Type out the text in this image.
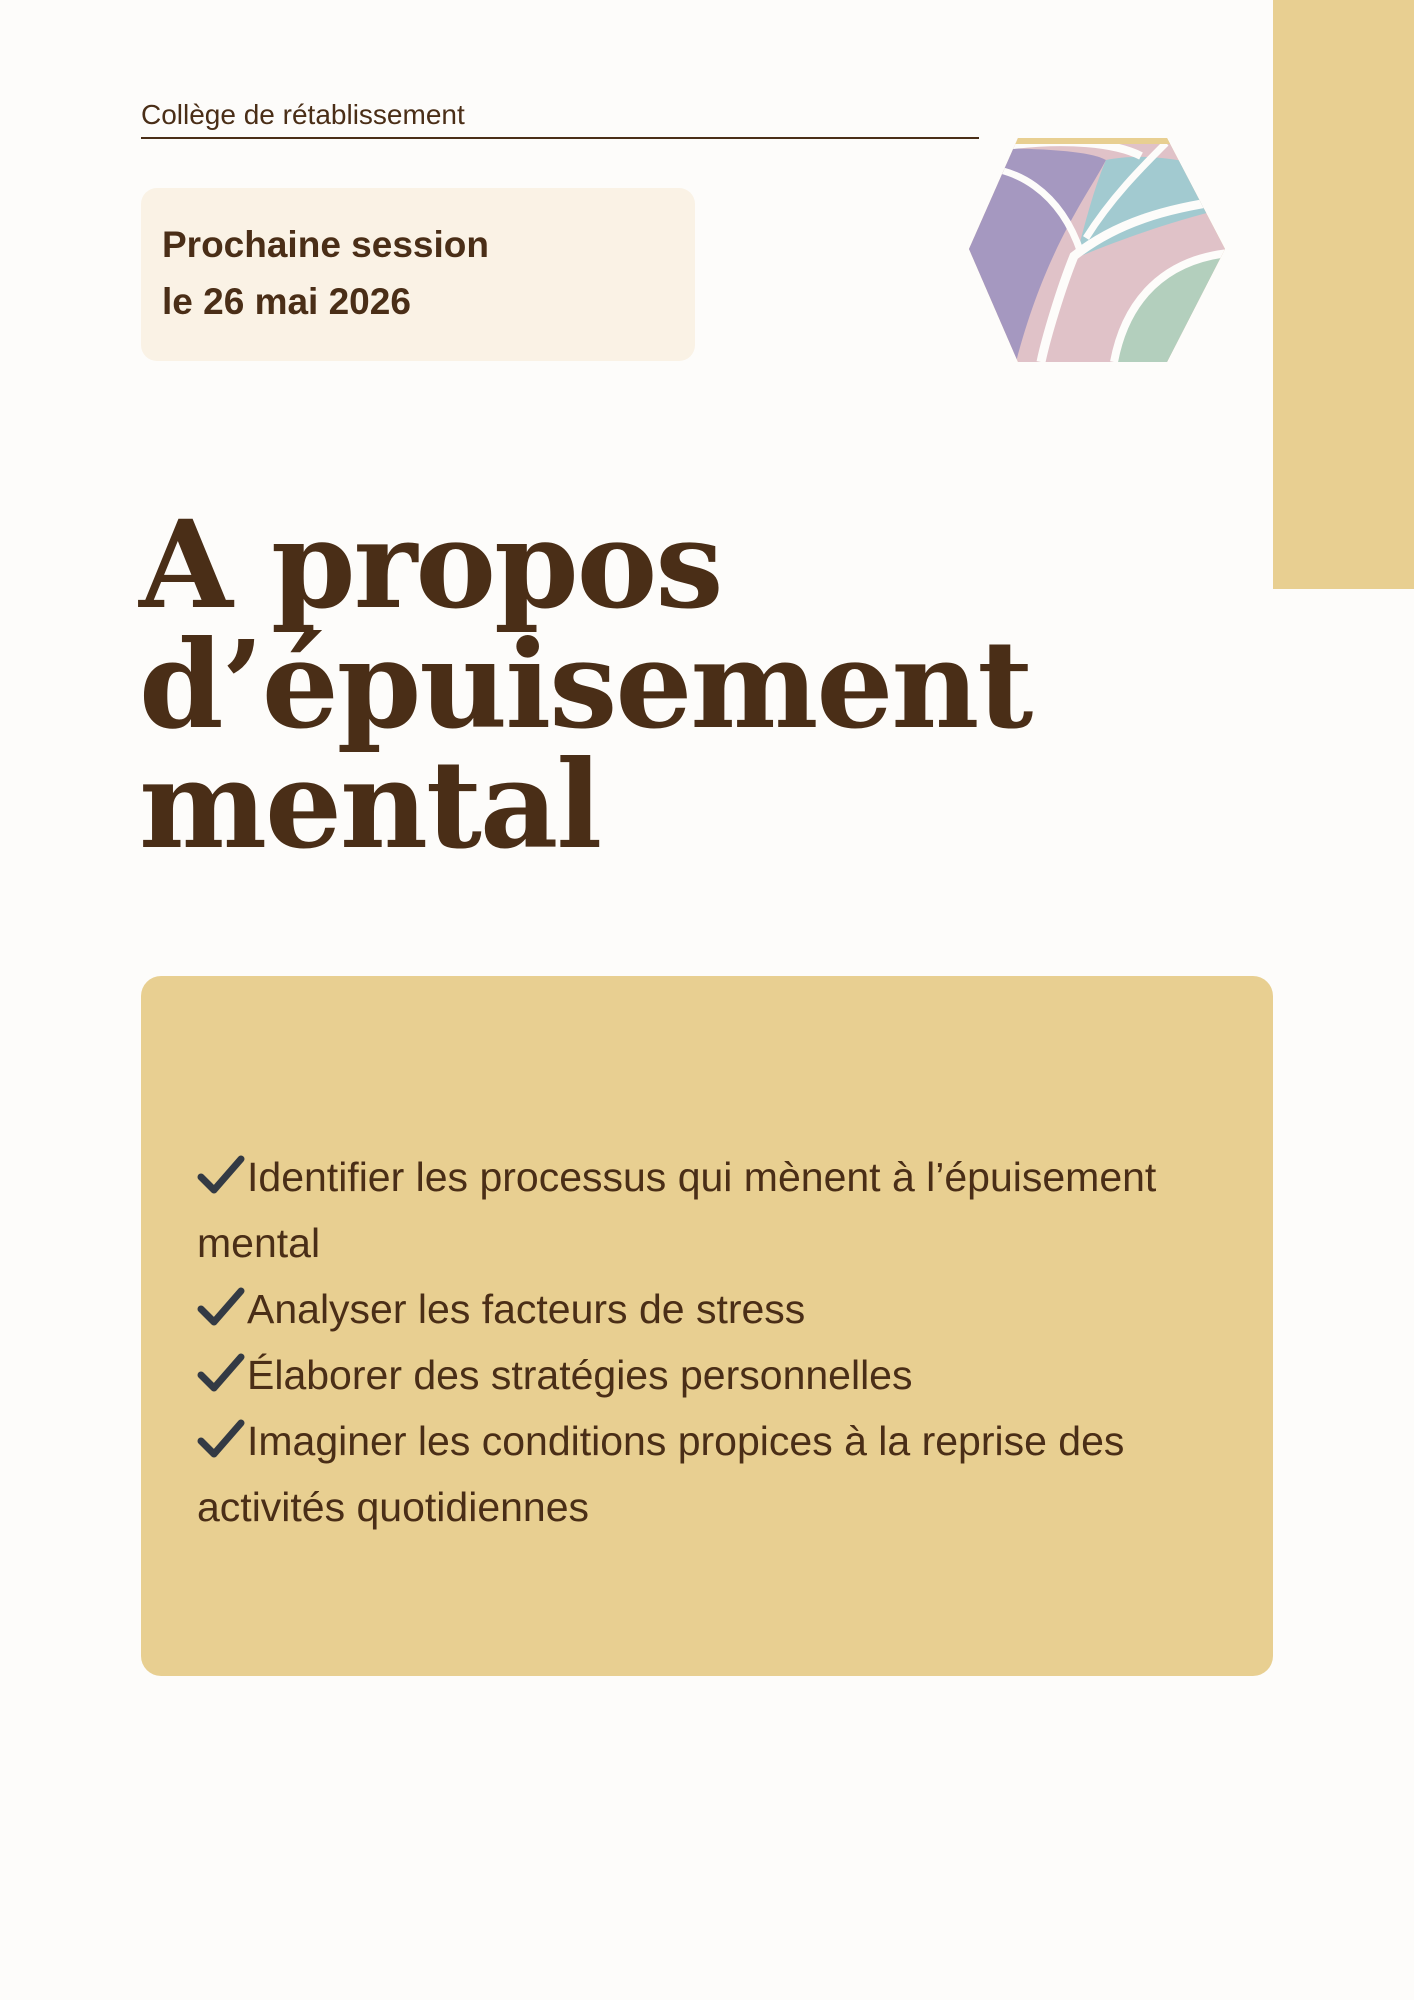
Collège de rétablissement
Prochaine session
le 26 mai 2026
A propos
d’épuisement
mental
Identifier les processus qui mènent à l’épuisement mental
Analyser les facteurs de stress
Élaborer des stratégies personnelles
Imaginer les conditions propices à la reprise des activités quotidiennes
